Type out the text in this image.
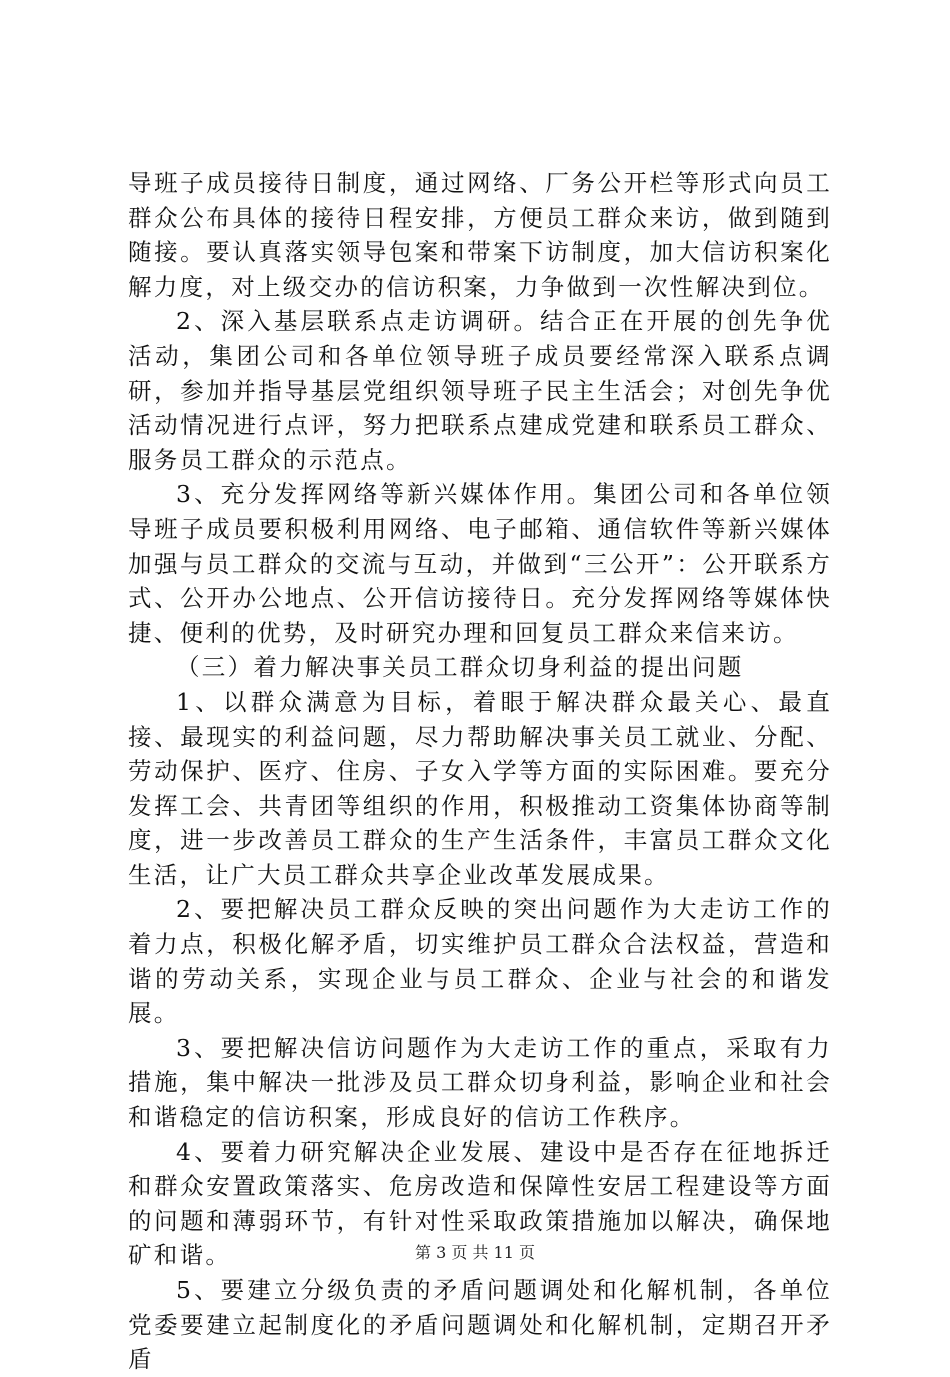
导班子成员接待日制度，通过网络、厂务公开栏等形式向员工群众公布具体的接待日程安排，方便员工群众来访，做到随到随接。要认真落实领导包案和带案下访制度，加大信访积案化解力度，对上级交办的信访积案，力争做到一次性解决到位。

2、深入基层联系点走访调研。结合正在开展的创先争优活动，集团公司和各单位领导班子成员要经常深入联系点调研，参加并指导基层党组织领导班子民主生活会；对创先争优活动情况进行点评，努力把联系点建成党建和联系员工群众、服务员工群众的示范点。

3、充分发挥网络等新兴媒体作用。集团公司和各单位领导班子成员要积极利用网络、电子邮箱、通信软件等新兴媒体加强与员工群众的交流与互动，并做到“三公开”：公开联系方式、公开办公地点、公开信访接待日。充分发挥网络等媒体快捷、便利的优势，及时研究办理和回复员工群众来信来访。

（三）着力解决事关员工群众切身利益的提出问题

1、以群众满意为目标，着眼于解决群众最关心、最直接、最现实的利益问题，尽力帮助解决事关员工就业、分配、劳动保护、医疗、住房、子女入学等方面的实际困难。要充分发挥工会、共青团等组织的作用，积极推动工资集体协商等制度，进一步改善员工群众的生产生活条件，丰富员工群众文化生活，让广大员工群众共享企业改革发展成果。

2、要把解决员工群众反映的突出问题作为大走访工作的着力点，积极化解矛盾，切实维护员工群众合法权益，营造和谐的劳动关系，实现企业与员工群众、企业与社会的和谐发展。

3、要把解决信访问题作为大走访工作的重点，采取有力措施，集中解决一批涉及员工群众切身利益，影响企业和社会和谐稳定的信访积案，形成良好的信访工作秩序。

4、要着力研究解决企业发展、建设中是否存在征地拆迁和群众安置政策落实、危房改造和保障性安居工程建设等方面的问题和薄弱环节，有针对性采取政策措施加以解决，确保地矿和谐。

5、要建立分级负责的矛盾问题调处和化解机制，各单位党委要建立起制度化的矛盾问题调处和化解机制，定期召开矛盾

第 3 页 共 11 页
